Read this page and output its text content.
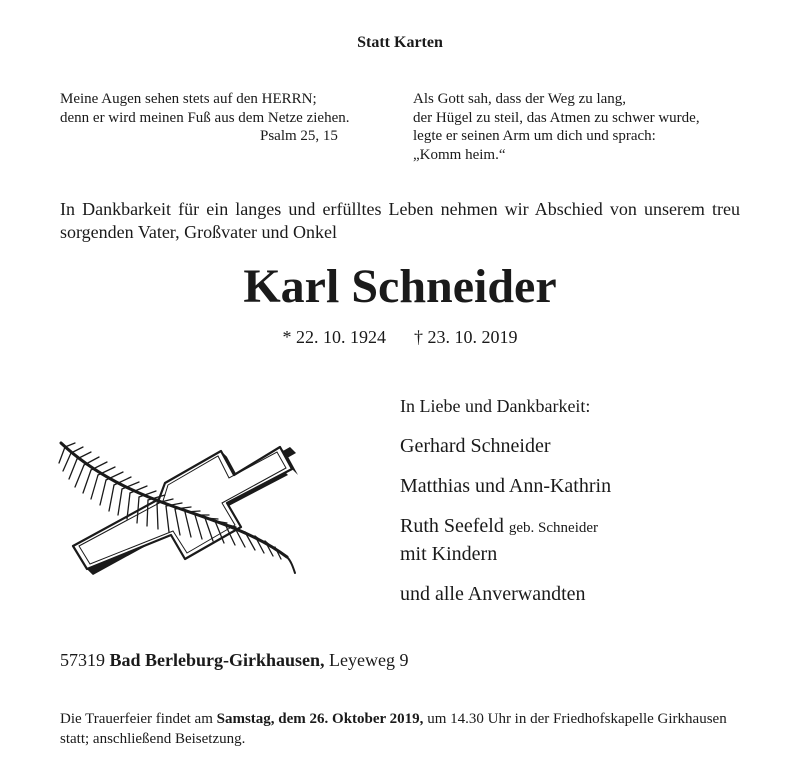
Statt Karten
Meine Augen sehen stets auf den HERRN;
denn er wird meinen Fuß aus dem Netze ziehen.
Psalm 25, 15
Als Gott sah, dass der Weg zu lang,
der Hügel zu steil, das Atmen zu schwer wurde,
legte er seinen Arm um dich und sprach:
„Komm heim.“
In Dankbarkeit für ein langes und erfülltes Leben nehmen wir Abschied von unserem treu sorgenden Vater, Großvater und Onkel
Karl Schneider
* 22. 10. 1924 † 23. 10. 2019
In Liebe und Dankbarkeit:
Gerhard Schneider
Matthias und Ann-Kathrin
Ruth Seefeld geb. Schneider
mit Kindern
und alle Anverwandten
57319 Bad Berleburg-Girkhausen, Leyeweg 9
Die Trauerfeier findet am Samstag, dem 26. Oktober 2019, um 14.30 Uhr in der Friedhofskapelle Girkhausen statt; anschließend Beisetzung.
